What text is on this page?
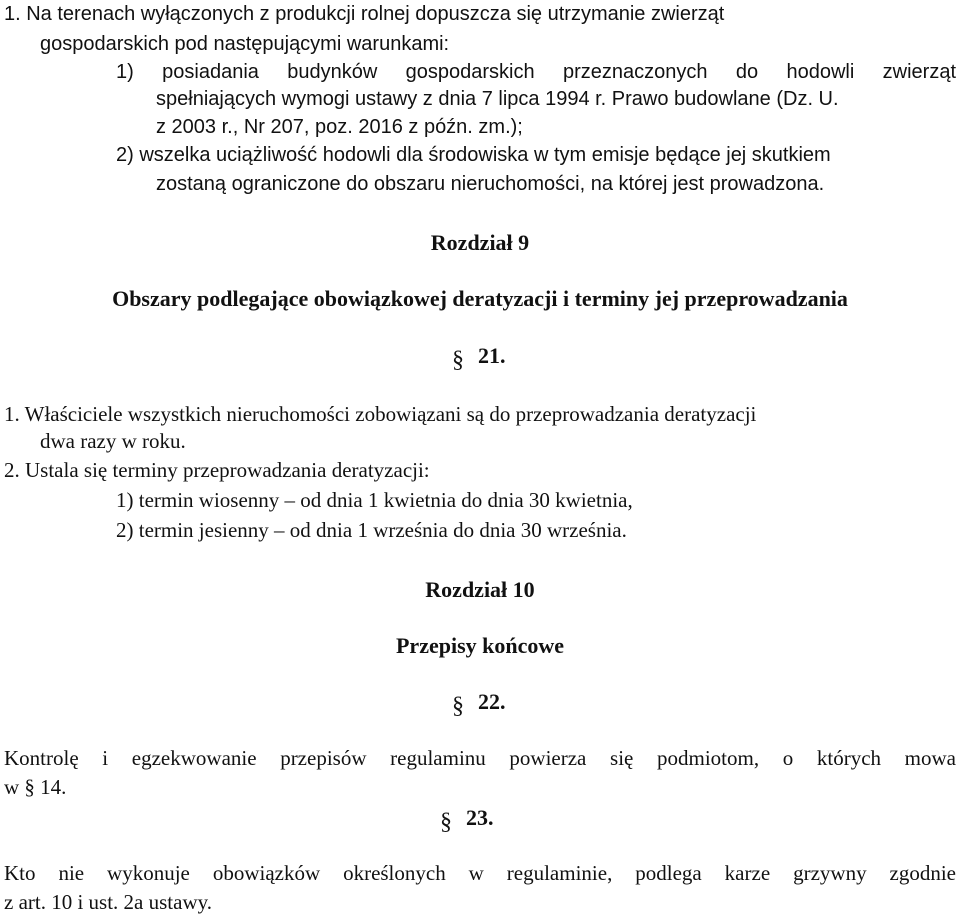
1. Na terenach wyłączonych z produkcji rolnej dopuszcza się utrzymanie zwierząt
gospodarskich pod następującymi warunkami:
1) posiadania budynków gospodarskich przeznaczonych do hodowli zwierząt
spełniających wymogi ustawy z dnia 7 lipca 1994 r. Prawo budowlane (Dz. U.
z 2003 r., Nr 207, poz. 2016 z późn. zm.);
2) wszelka uciążliwość hodowli dla środowiska w tym emisje będące jej skutkiem
zostaną ograniczone do obszaru nieruchomości, na której jest prowadzona.
Rozdział 9
Obszary podlegające obowiązkowej deratyzacji i terminy jej przeprowadzania
§ 21.
1. Właściciele wszystkich nieruchomości zobowiązani są do przeprowadzania deratyzacji
dwa razy w roku.
2. Ustala się terminy przeprowadzania deratyzacji:
1) termin wiosenny – od dnia 1 kwietnia do dnia 30 kwietnia,
2) termin jesienny – od dnia 1 września do dnia 30 września.
Rozdział 10
Przepisy końcowe
§ 22.
Kontrolę i egzekwowanie przepisów regulaminu powierza się podmiotom, o których mowa
w § 14.
§ 23.
Kto nie wykonuje obowiązków określonych w regulaminie, podlega karze grzywny zgodnie
z art. 10 i ust. 2a ustawy.
